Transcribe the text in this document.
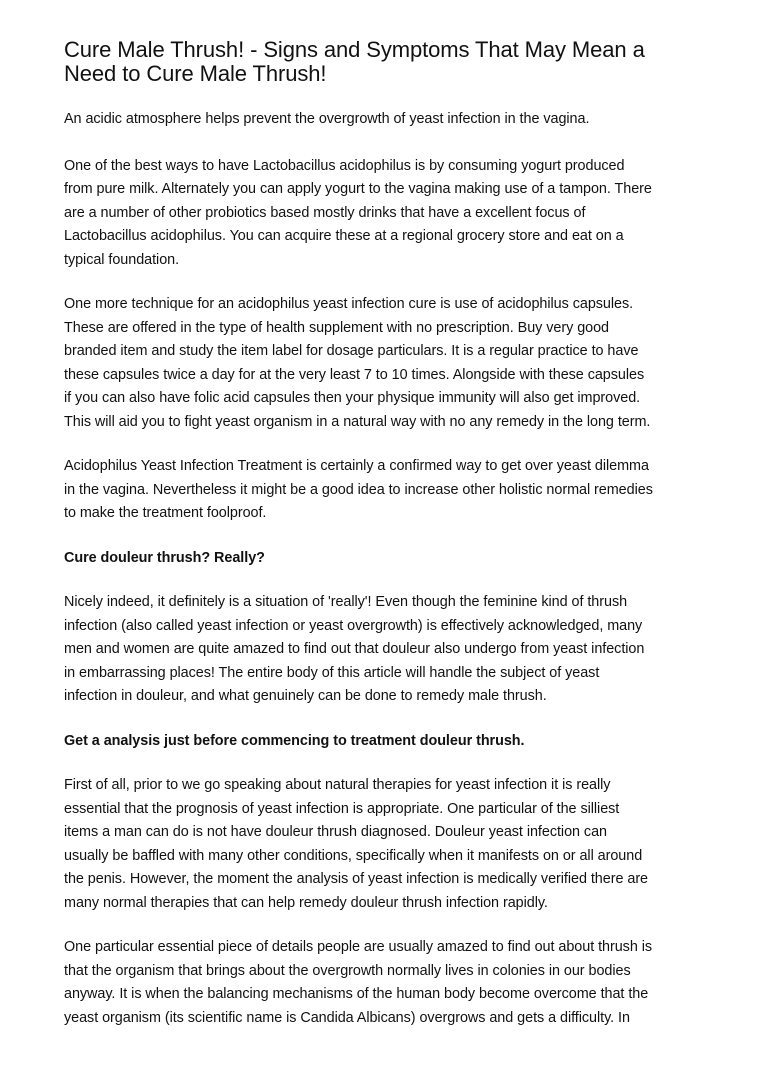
Cure Male Thrush! - Signs and Symptoms That May Mean a
Need to Cure Male Thrush!

An acidic atmosphere helps prevent the overgrowth of yeast infection in the vagina.

One of the best ways to have Lactobacillus acidophilus is by consuming yogurt produced
from pure milk. Alternately you can apply yogurt to the vagina making use of a tampon. There
are a number of other probiotics based mostly drinks that have a excellent focus of
Lactobacillus acidophilus. You can acquire these at a regional grocery store and eat on a
typical foundation.

One more technique for an acidophilus yeast infection cure is use of acidophilus capsules.
These are offered in the type of health supplement with no prescription. Buy very good
branded item and study the item label for dosage particulars. It is a regular practice to have
these capsules twice a day for at the very least 7 to 10 times. Alongside with these capsules
if you can also have folic acid capsules then your physique immunity will also get improved.
This will aid you to fight yeast organism in a natural way with no any remedy in the long term.

Acidophilus Yeast Infection Treatment is certainly a confirmed way to get over yeast dilemma
in the vagina. Nevertheless it might be a good idea to increase other holistic normal remedies
to make the treatment foolproof.

Cure douleur thrush? Really?

Nicely indeed, it definitely is a situation of 'really'! Even though the feminine kind of thrush
infection (also called yeast infection or yeast overgrowth) is effectively acknowledged, many
men and women are quite amazed to find out that douleur also undergo from yeast infection
in embarrassing places! The entire body of this article will handle the subject of yeast
infection in douleur, and what genuinely can be done to remedy male thrush.

Get a analysis just before commencing to treatment douleur thrush.

First of all, prior to we go speaking about natural therapies for yeast infection it is really
essential that the prognosis of yeast infection is appropriate. One particular of the silliest
items a man can do is not have douleur thrush diagnosed. Douleur yeast infection can
usually be baffled with many other conditions, specifically when it manifests on or all around
the penis. However, the moment the analysis of yeast infection is medically verified there are
many normal therapies that can help remedy douleur thrush infection rapidly.

One particular essential piece of details people are usually amazed to find out about thrush is
that the organism that brings about the overgrowth normally lives in colonies in our bodies
anyway. It is when the balancing mechanisms of the human body become overcome that the
yeast organism (its scientific name is Candida Albicans) overgrows and gets a difficulty. In
